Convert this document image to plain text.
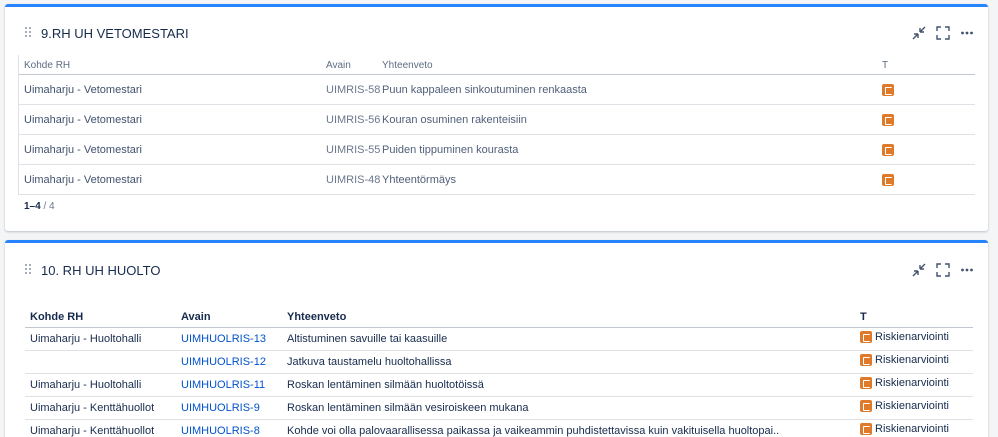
9.RH UH VETOMESTARI
Kohde RH	Avain	Yhteenveto	T
Uimaharju - Vetomestari	UIMRIS-58 Puun kappaleen sinkoutuminen renkaasta
Uimaharju - Vetomestari	UIMRIS-56 Kouran osuminen rakenteisiin
Uimaharju - Vetomestari	UIMRIS-55 Puiden tippuminen kourasta
Uimaharju - Vetomestari	UIMRIS-48 Yhteentörmäys
1–4 / 4
10. RH UH HUOLTO
Kohde RH	Avain	Yhteenveto	T
Uimaharju - Huoltohalli	UIMHUOLRIS-13	Altistuminen savuille tai kaasuille	Riskienarviointi

	UIMHUOLRIS-12	Jatkuva taustamelu huoltohallissa	Riskienarviointi

Uimaharju - Huoltohalli	UIMHUOLRIS-11	Roskan lentäminen silmään huoltotöissä	Riskienarviointi

Uimaharju - Kenttähuollot	UIMHUOLRIS-9	Roskan lentäminen silmään vesiroiskeen mukana	Riskienarviointi

Uimaharju - Kenttähuollot	UIMHUOLRIS-8	Kohde voi olla palovaarallisessa paikassa ja vaikeammin puhdistettavissa kuin vakituisella huoltopai..	Riskienarviointi
